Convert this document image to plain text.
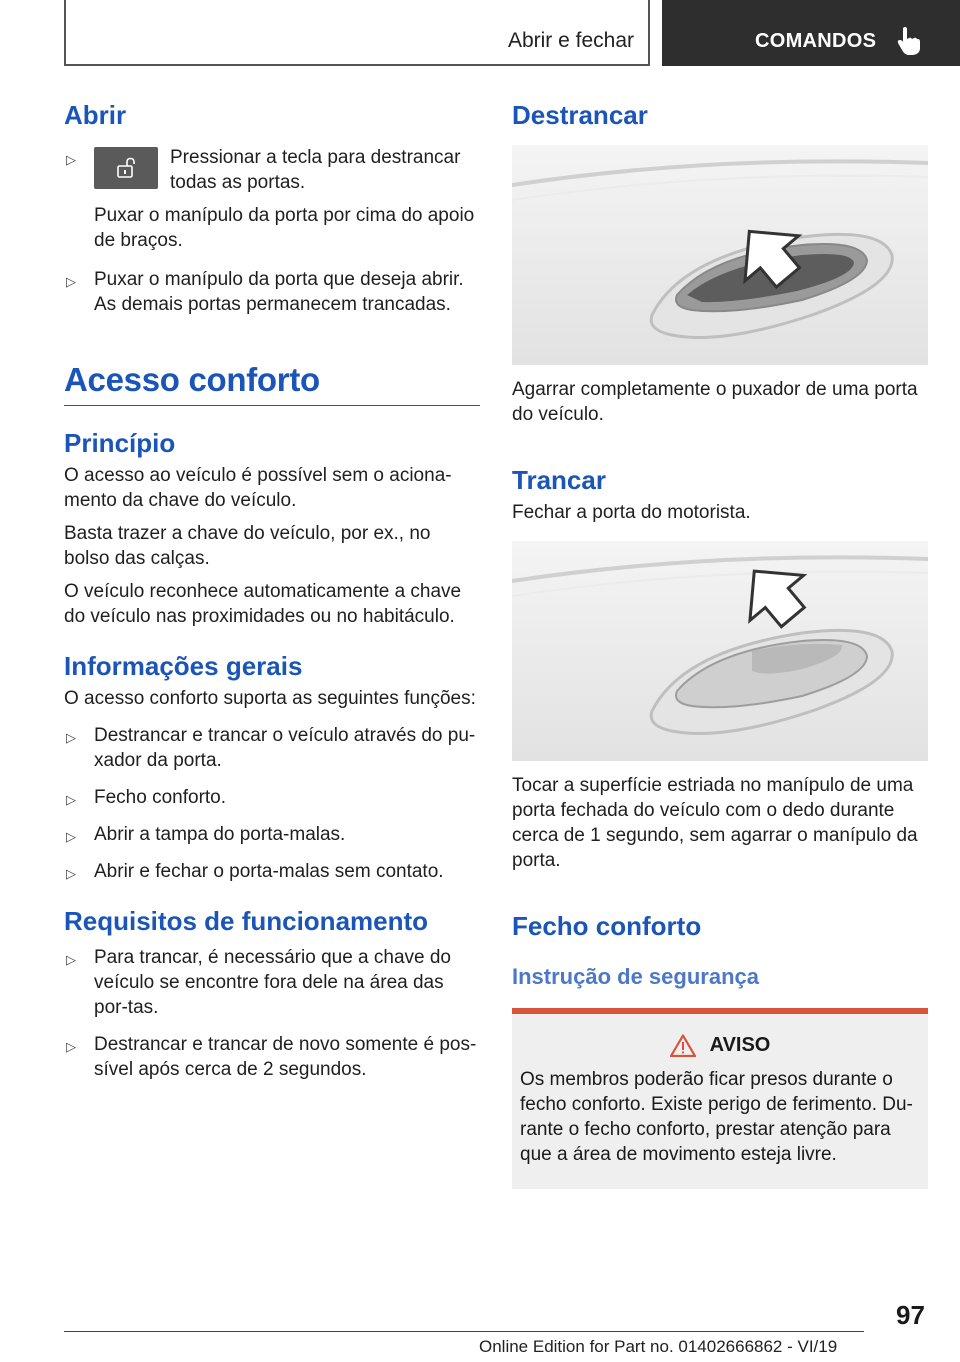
Abrir e fechar	COMANDOS
Abrir
▷	Pressionar a tecla para destrancar todas as portas.

Puxar o manípulo da porta por cima do apoio de braços.

▷ Puxar o manípulo da porta que deseja abrir. As demais portas permanecem trancadas.

Acesso conforto
Princípio

O acesso ao veículo é possível sem o aciona-mento da chave do veículo.

Basta trazer a chave do veículo, por ex., no bolso das calças.

O veículo reconhece automaticamente a chave do veículo nas proximidades ou no habitáculo.

Informações gerais

O acesso conforto suporta as seguintes funções:

▷ Destrancar e trancar o veículo através do pu-xador da porta.

▷ Fecho conforto.

▷ Abrir a tampa do porta-malas.

▷ Abrir e fechar o porta-malas sem contato.

Requisitos de funcionamento
▷ Para trancar, é necessário que a chave do veículo se encontre fora dele na área das por-tas.

▷ Destrancar e trancar de novo somente é pos-sível após cerca de 2 segundos.

Destrancar

Agarrar completamente o puxador de uma porta do veículo.

Trancar

Fechar a porta do motorista.

Tocar a superfície estriada no manípulo de uma porta fechada do veículo com o dedo durante cerca de 1 segundo, sem agarrar o manípulo da porta.

Fecho conforto
Instrução de segurança
AVISO

Os membros poderão ficar presos durante o fecho conforto. Existe perigo de ferimento. Du-rante o fecho conforto, prestar atenção para que a área de movimento esteja livre.

97
Online Edition for Part no. 01402666862 - VI/19
